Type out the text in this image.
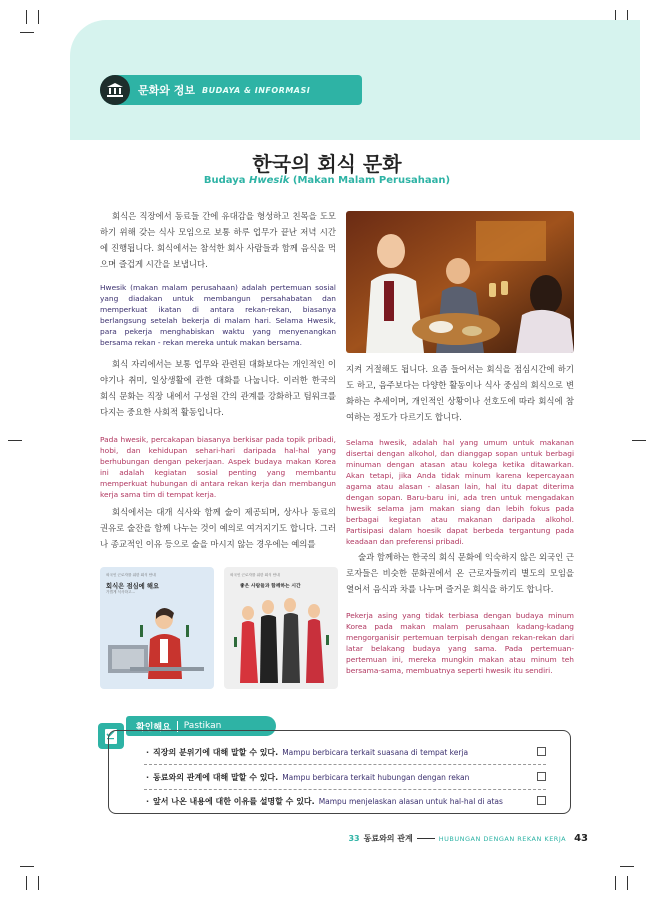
문화와 정보 BUDAYA & INFORMASI
한국의 회식 문화
Budaya Hwesik (Makan Malam Perusahaan)

회식은 직장에서 동료들 간에 유대감을 형성하고 친목을 도모하기 위해 갖는 식사 모임으로 보통 하루 업무가 끝난 저녁 시간에 진행됩니다. 회식에서는 참석한 회사 사람들과 함께 음식을 먹으며 즐겁게 시간을 보냅니다.

Hwesik (makan malam perusahaan) adalah pertemuan sosial yang diadakan untuk membangun persahabatan dan memperkuat ikatan di antara rekan-rekan, biasanya berlangsung setelah bekerja di malam hari. Selama Hwesik, para pekerja menghabiskan waktu yang menyenangkan bersama rekan - rekan mereka untuk makan bersama.

회식 자리에서는 보통 업무와 관련된 대화보다는 개인적인 이야기나 취미, 일상생활에 관한 대화를 나눕니다. 이러한 한국의 회식 문화는 직장 내에서 구성원 간의 관계를 강화하고 팀워크를 다지는 중요한 사회적 활동입니다.

Pada hwesik, percakapan biasanya berkisar pada topik pribadi, hobi, dan kehidupan sehari-hari daripada hal-hal yang berhubungan dengan pekerjaan. Aspek budaya makan Korea ini adalah kegiatan sosial penting yang membantu memperkuat hubungan di antara rekan kerja dan membangun kerja sama tim di tempat kerja.

회식에서는 대개 식사와 함께 술이 제공되며, 상사나 동료의 권유로 술잔을 함께 나누는 것이 예의로 여겨지기도 합니다. 그러나 종교적인 이유 등으로 술을 마시지 않는 경우에는 예의를

지켜 거절해도 됩니다. 요즘 들어서는 회식을 점심시간에 하기도 하고, 음주보다는 다양한 활동이나 식사 중심의 회식으로 변화하는 추세이며, 개인적인 상황이나 선호도에 따라 회식에 참여하는 정도가 다르기도 합니다.

Selama hwesik, adalah hal yang umum untuk makanan disertai dengan alkohol, dan dianggap sopan untuk berbagi minuman dengan atasan atau kolega ketika ditawarkan. Akan tetapi, jika Anda tidak minum karena kepercayaan agama atau alasan - alasan lain, hal itu dapat diterima dengan sopan. Baru-baru ini, ada tren untuk mengadakan hwesik selama jam makan siang dan lebih fokus pada berbagai kegiatan atau makanan daripada alkohol. Partisipasi dalam hoesik dapat berbeda tergantung pada keadaan dan preferensi pribadi.

술과 함께하는 한국의 회식 문화에 익숙하지 않은 외국인 근로자들은 비슷한 문화권에서 온 근로자들끼리 별도의 모임을 열어서 음식과 차를 나누며 즐거운 회식을 하기도 합니다.

Pekerja asing yang tidak terbiasa dengan budaya minum Korea pada makan malam perusahaan kadang-kadang mengorganisir pertemuan terpisah dengan rekan-rekan dari latar belakang budaya yang sama. Pada pertemuan-pertemuan ini, mereka mungkin makan atau minum teh bersama-sama, membuatnya seperti hwesik itu sendiri.

외국인 근로자를 위한 회식 안내
회식은 점심에 해요
가볍게 식사하고...
외국인 근로자를 위한 회식 안내
좋은 사람들과 함께하는 시간
확인해요 Pastikan
· 직장의 분위기에 대해 말할 수 있다. Mampu berbicara terkait suasana di tempat kerja
· 동료와의 관계에 대해 말할 수 있다. Mampu berbicara terkait hubungan dengan rekan
· 앞서 나온 내용에 대한 이유를 설명할 수 있다. Mampu menjelaskan alasan untuk hal-hal di atas
33 동료와의 관계	HUBUNGAN DENGAN REKAN KERJA 43
